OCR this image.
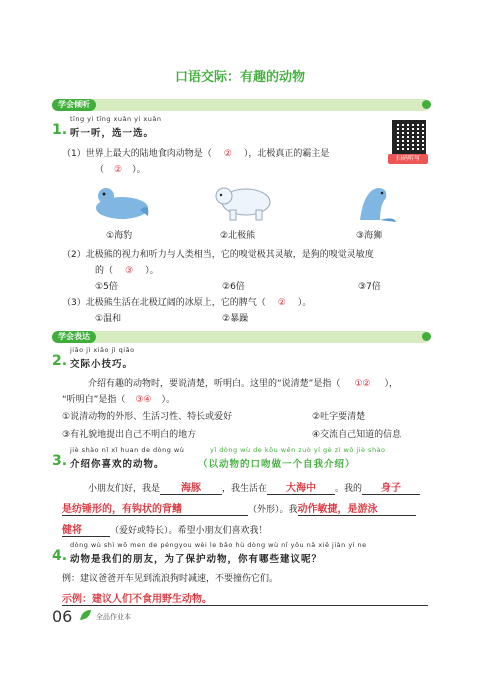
口语交际：有趣的动物
学会倾听
tīng yi tīng xuǎn yi xuǎn
1. 听一听，选一选。
扫码听写
（1）世界上最大的陆地食肉动物是（ ② ），北极真正的霸主是
（ ② ）。
①海豹	②北极熊	③海狮
（2）北极熊的视力和听力与人类相当，它的嗅觉极其灵敏，是狗的嗅觉灵敏度
的（ ③ ）。
①5倍	②6倍	③7倍
（3）北极熊生活在北极辽阔的冰原上，它的脾气（ ② ）。
①温和	②暴躁
学会表达
jiāo jì xiǎo jì qiǎo
2. 交际小技巧。
介绍有趣的动物时，要说清楚，听明白。这里的“说清楚”是指（ ①② ），
“听明白”是指（ ③④ ）。
①说清动物的外形、生活习性、特长或爱好	②吐字要清楚
③有礼貌地提出自己不明白的地方	④交流自己知道的信息
jiè shào nǐ xǐ huan de dòng wù	yǐ dòng wù de kǒu wěn zuò yí gè zì wǒ jiè shào
3. 介绍你喜欢的动物。	（以动物的口吻做一个自我介绍）
小朋友们好，我是 海豚 ，我生活在 大海中 。我的 身子
是纺锤形的，有钩状的背鳍	（外形）。我动作敏捷，是游泳
健将	（爱好或特长）。希望小朋友们喜欢我！
dòng wù shì wǒ men de péngyou wèi le bǎo hù dòng wù nǐ yǒu nǎ xiē jiàn yì ne
4. 动物是我们的朋友，为了保护动物，你有哪些建议呢？
例：建议爸爸开车见到流浪狗时减速，不要撞伤它们。
示例：建议人们不食用野生动物。
06	全品作业本
